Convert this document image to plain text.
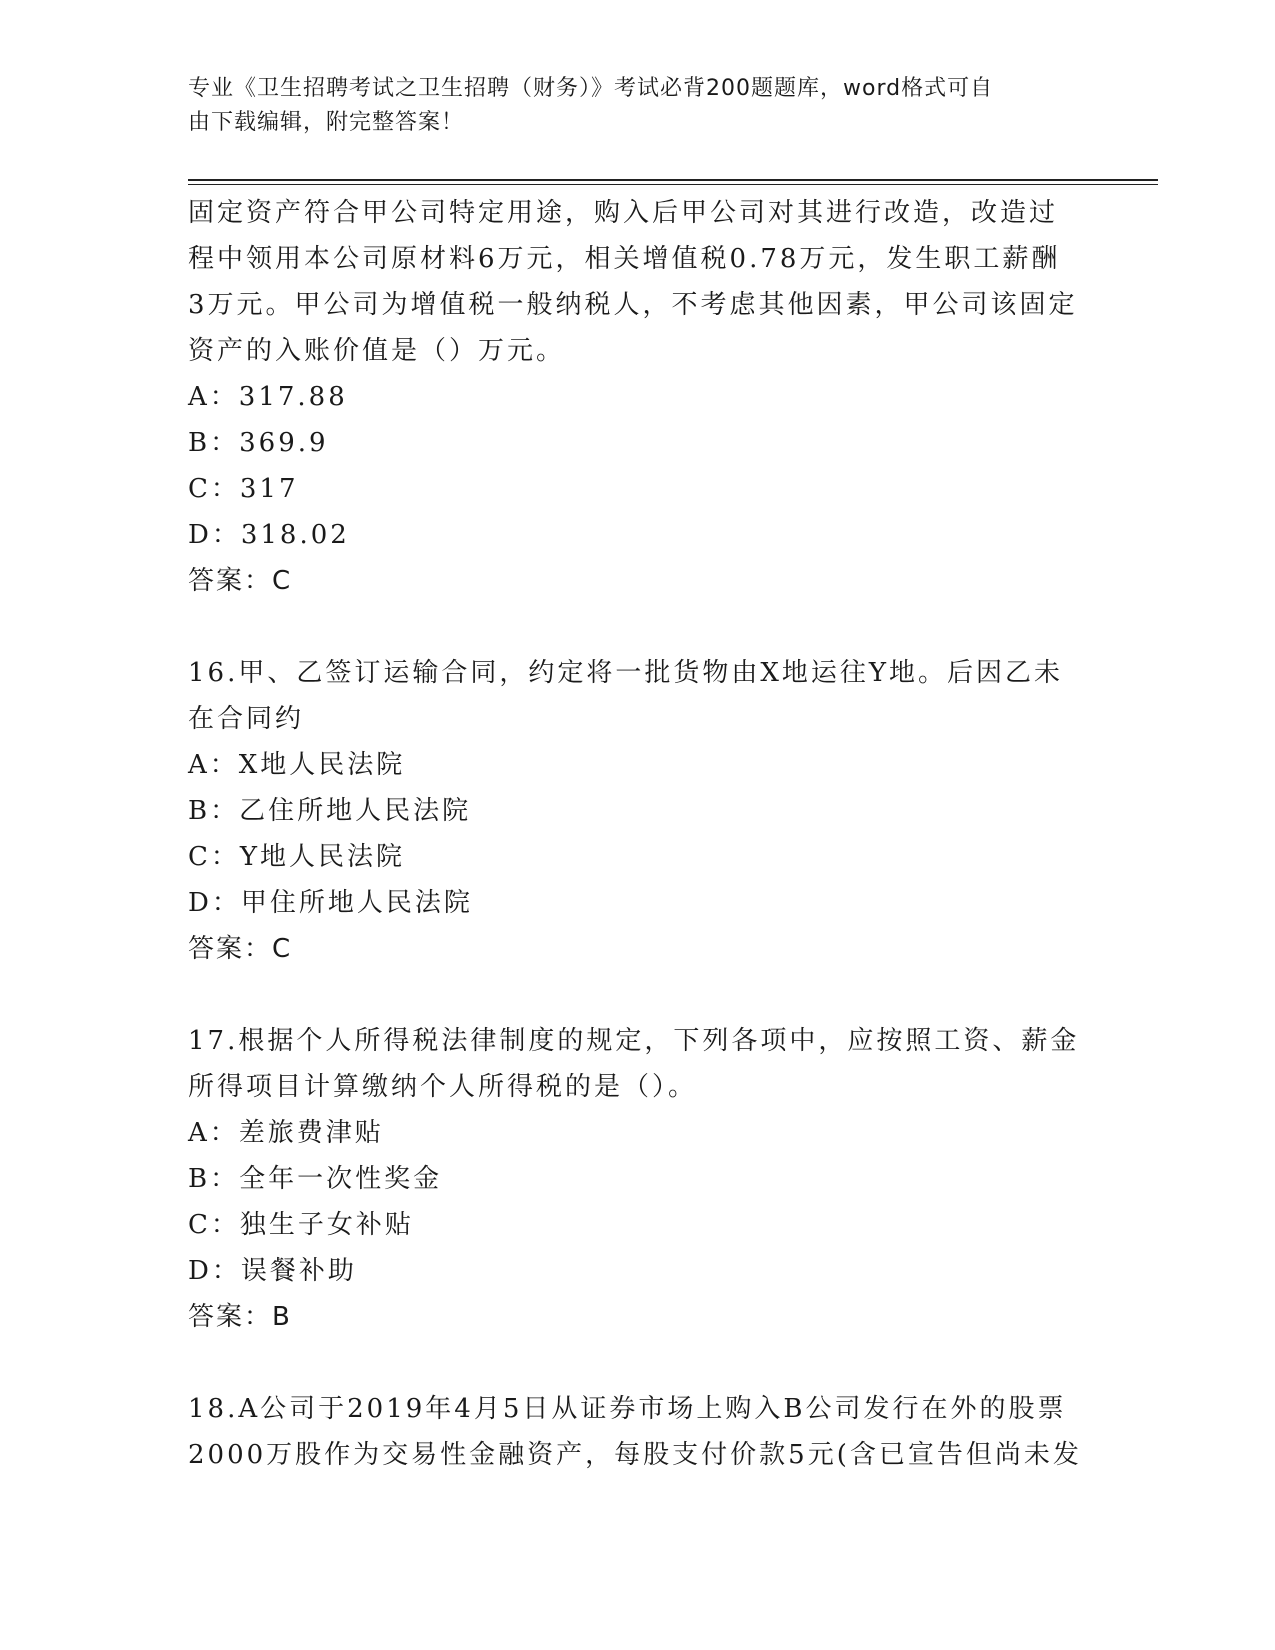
专业《卫生招聘考试之卫生招聘（财务）》考试必背200题题库，word格式可自
由下载编辑，附完整答案！
固定资产符合甲公司特定用途，购入后甲公司对其进行改造，改造过
程中领用本公司原材料6万元，相关增值税0.78万元，发生职工薪酬
3万元。甲公司为增值税一般纳税人，不考虑其他因素，甲公司该固定
资产的入账价值是（）万元。
A：317.88
B：369.9
C：317
D：318.02
答案：C
16.甲、乙签订运输合同，约定将一批货物由X地运往Y地。后因乙未
在合同约
A：X地人民法院
B：乙住所地人民法院
C：Y地人民法院
D：甲住所地人民法院
答案：C
17.根据个人所得税法律制度的规定，下列各项中，应按照工资、薪金
所得项目计算缴纳个人所得税的是（）。
A：差旅费津贴
B：全年一次性奖金
C：独生子女补贴
D：误餐补助
答案：B
18.A公司于2019年4月5日从证券市场上购入B公司发行在外的股票
2000万股作为交易性金融资产，每股支付价款5元(含已宣告但尚未发
